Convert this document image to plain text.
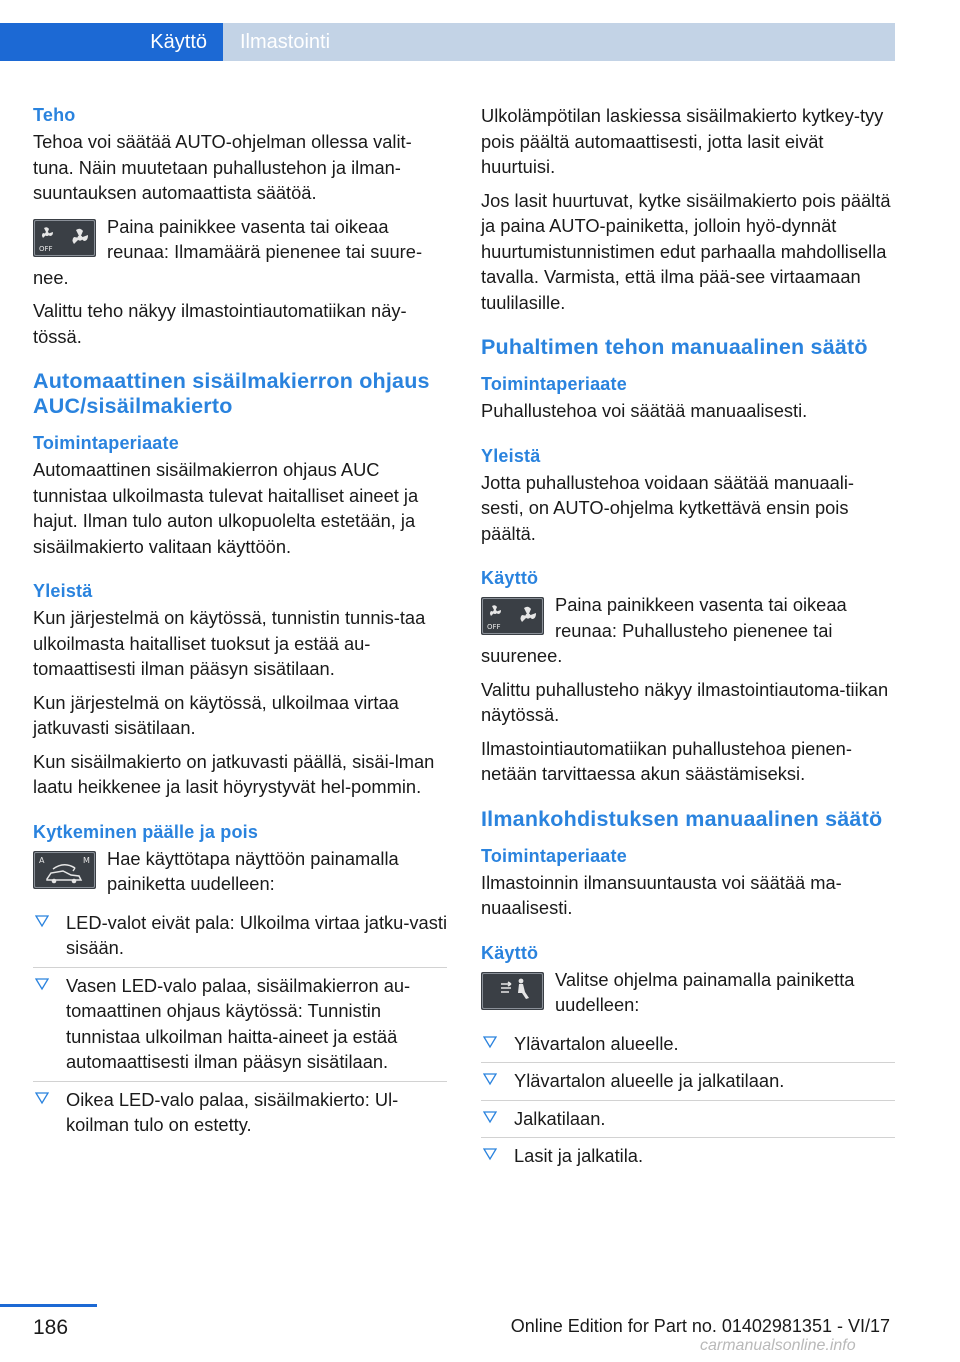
Käyttö	Ilmastointi
Teho

Tehoa voi säätää AUTO-ohjelman ollessa valit-tuna. Näin muutetaan puhallustehon ja ilman-suuntauksen automaattista säätöä.

OFF

Paina painikkee vasenta tai oikeaa reunaa: Ilmamäärä pienenee tai suure-nee.

Valittu teho näkyy ilmastointiautomatiikan näy-tössä.

Automaattinen sisäilmakierron ohjaus AUC/sisäilmakierto
Toimintaperiaate

Automaattinen sisäilmakierron ohjaus AUC tunnistaa ulkoilmasta tulevat haitalliset aineet ja hajut. Ilman tulo auton ulkopuolelta estetään, ja sisäilmakierto valitaan käyttöön.

Yleistä

Kun järjestelmä on käytössä, tunnistin tunnis-taa ulkoilmasta haitalliset tuoksut ja estää au-tomaattisesti ilman pääsyn sisätilaan.

Kun järjestelmä on käytössä, ulkoilmaa virtaa jatkuvasti sisätilaan.

Kun sisäilmakierto on jatkuvasti päällä, sisäi-lman laatu heikkenee ja lasit höyrystyvät hel-pommin.

Kytkeminen päälle ja pois
A	M Hae käyttötapa näyttöön painamalla painiketta uudelleen:

LED-valot eivät pala: Ulkoilma virtaa jatku-vasti sisään.
Vasen LED-valo palaa, sisäilmakierron au-tomaattinen ohjaus käytössä: Tunnistin tunnistaa ulkoilman haitta-aineet ja estää automaattisesti ilman pääsyn sisätilaan.
Oikea LED-valo palaa, sisäilmakierto: Ul-koilman tulo on estetty.

Ulkolämpötilan laskiessa sisäilmakierto kytkey-tyy pois päältä automaattisesti, jotta lasit eivät huurtuisi.

Jos lasit huurtuvat, kytke sisäilmakierto pois päältä ja paina AUTO-painiketta, jolloin hyö-dynnät huurtumistunnistimen edut parhaalla mahdollisella tavalla. Varmista, että ilma pää-see virtaamaan tuulilasille.

Puhaltimen tehon manuaalinen säätö
Toimintaperiaate

Puhallustehoa voi säätää manuaalisesti.

Yleistä

Jotta puhallustehoa voidaan säätää manuaali-sesti, on AUTO-ohjelma kytkettävä ensin pois päältä.

Käyttö
OFF

Paina painikkeen vasenta tai oikeaa reunaa: Puhallusteho pienenee tai suurenee.

Valittu puhallusteho näkyy ilmastointiautoma-tiikan näytössä.

Ilmastointiautomatiikan puhallustehoa pienen-netään tarvittaessa akun säästämiseksi.

Ilmankohdistuksen manuaalinen säätö
Toimintaperiaate

Ilmastoinnin ilmansuuntausta voi säätää ma-nuaalisesti.

Käyttö

Valitse ohjelma painamalla painiketta uudelleen:

Ylävartalon alueelle.
Ylävartalon alueelle ja jalkatilaan.
Jalkatilaan.
Lasit ja jalkatila.
186	Online Edition for Part no. 01402981351 - VI/17
carmanualsonline.info
